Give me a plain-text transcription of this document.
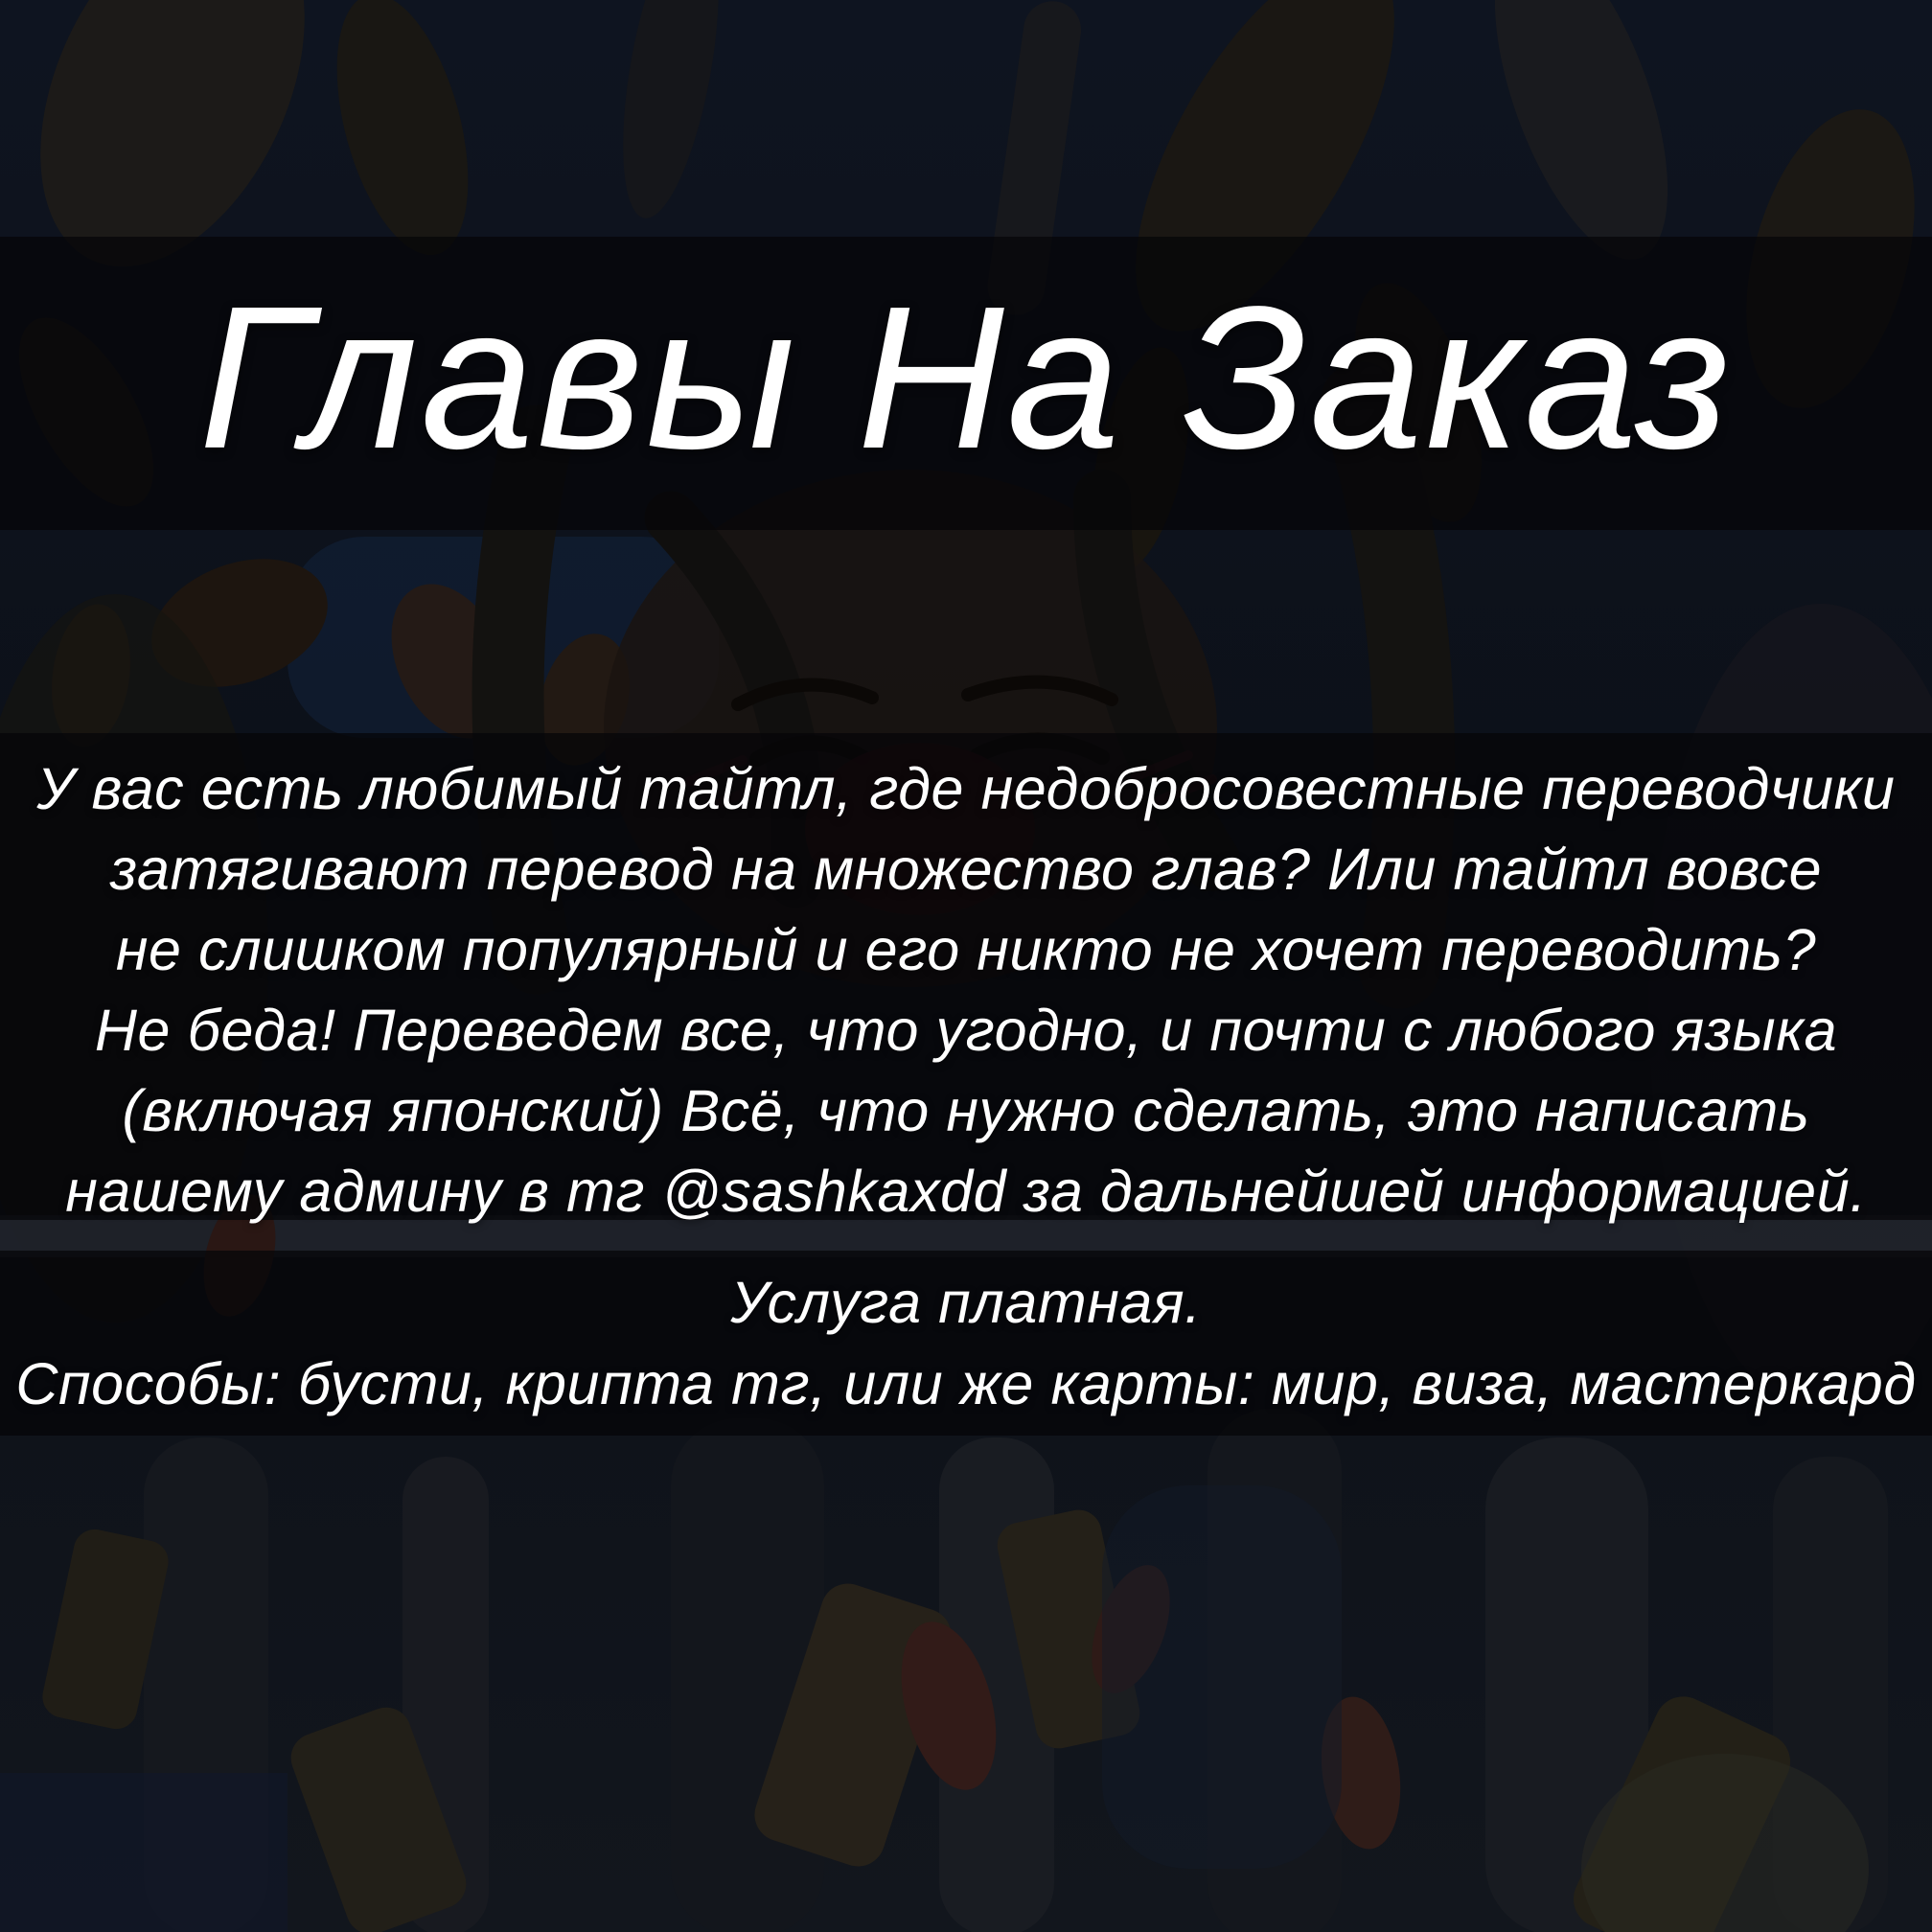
Главы На Заказ
У вас есть любимый тайтл, где недобросовестные переводчики
затягивают перевод на множество глав? Или тайтл вовсе
не слишком популярный и его никто не хочет переводить?
Не беда! Переведем все, что угодно, и почти с любого языка
(включая японский) Всё, что нужно сделать, это написать
нашему админу в тг @sashkaxdd за дальнейшей информацией.
Услуга платная.
Способы: бусти, крипта тг, или же карты: мир, виза, мастеркард
